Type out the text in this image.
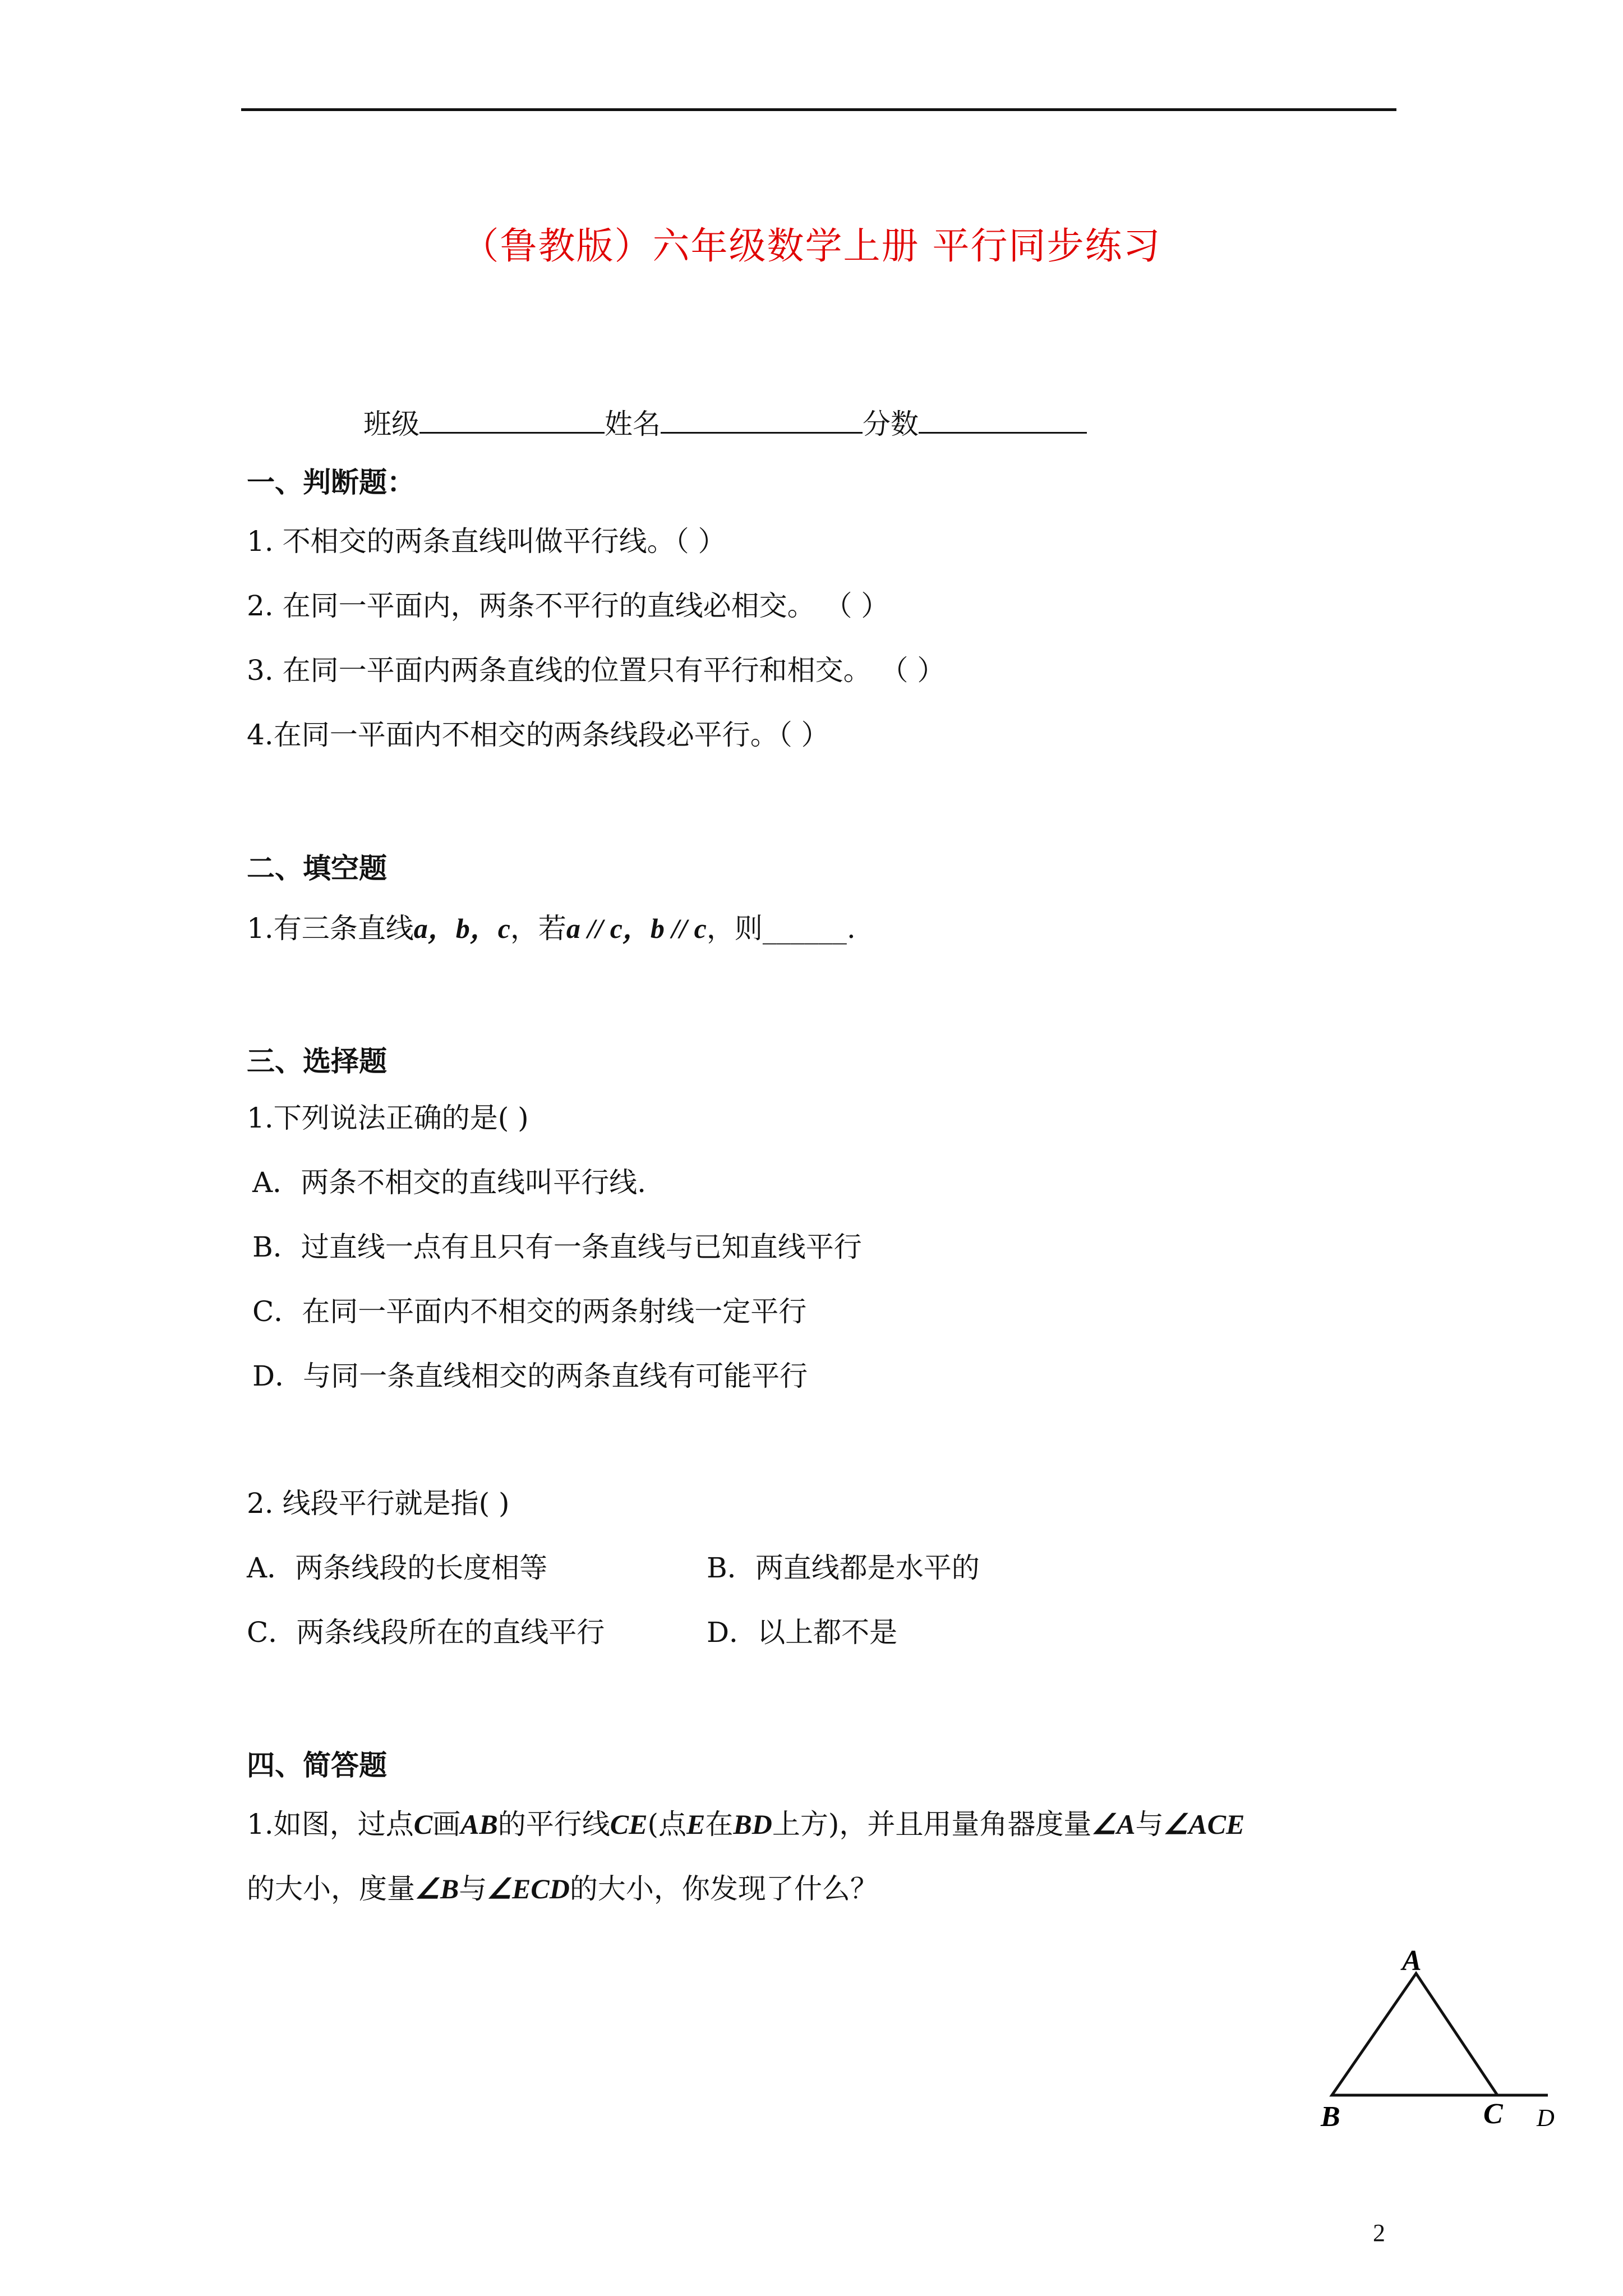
（鲁教版）六年级数学上册 平行同步练习
班级	姓名	分数
一、判断题：
1. 不相交的两条直线叫做平行线。（ ）
2. 在同一平面内，两条不平行的直线必相交。 （ ）
3. 在同一平面内两条直线的位置只有平行和相交。 （ ）
4.在同一平面内不相交的两条线段必平行。（ ）
二、填空题
1.有三条直线a，b，c，若a // c，b // c，则______.
三、选择题
1.下列说法正确的是( )
A．两条不相交的直线叫平行线.
B．过直线一点有且只有一条直线与已知直线平行
C．在同一平面内不相交的两条射线一定平行
D．与同一条直线相交的两条直线有可能平行
2. 线段平行就是指( )
A．两条线段的长度相等	B．两直线都是水平的
C．两条线段所在的直线平行	D．以上都不是
四、简答题
1.如图，过点C画AB的平行线CE(点E在BD上方)，并且用量角器度量∠A与∠ACE
的大小，度量∠B与∠ECD的大小，你发现了什么？
A
B	C D
2
